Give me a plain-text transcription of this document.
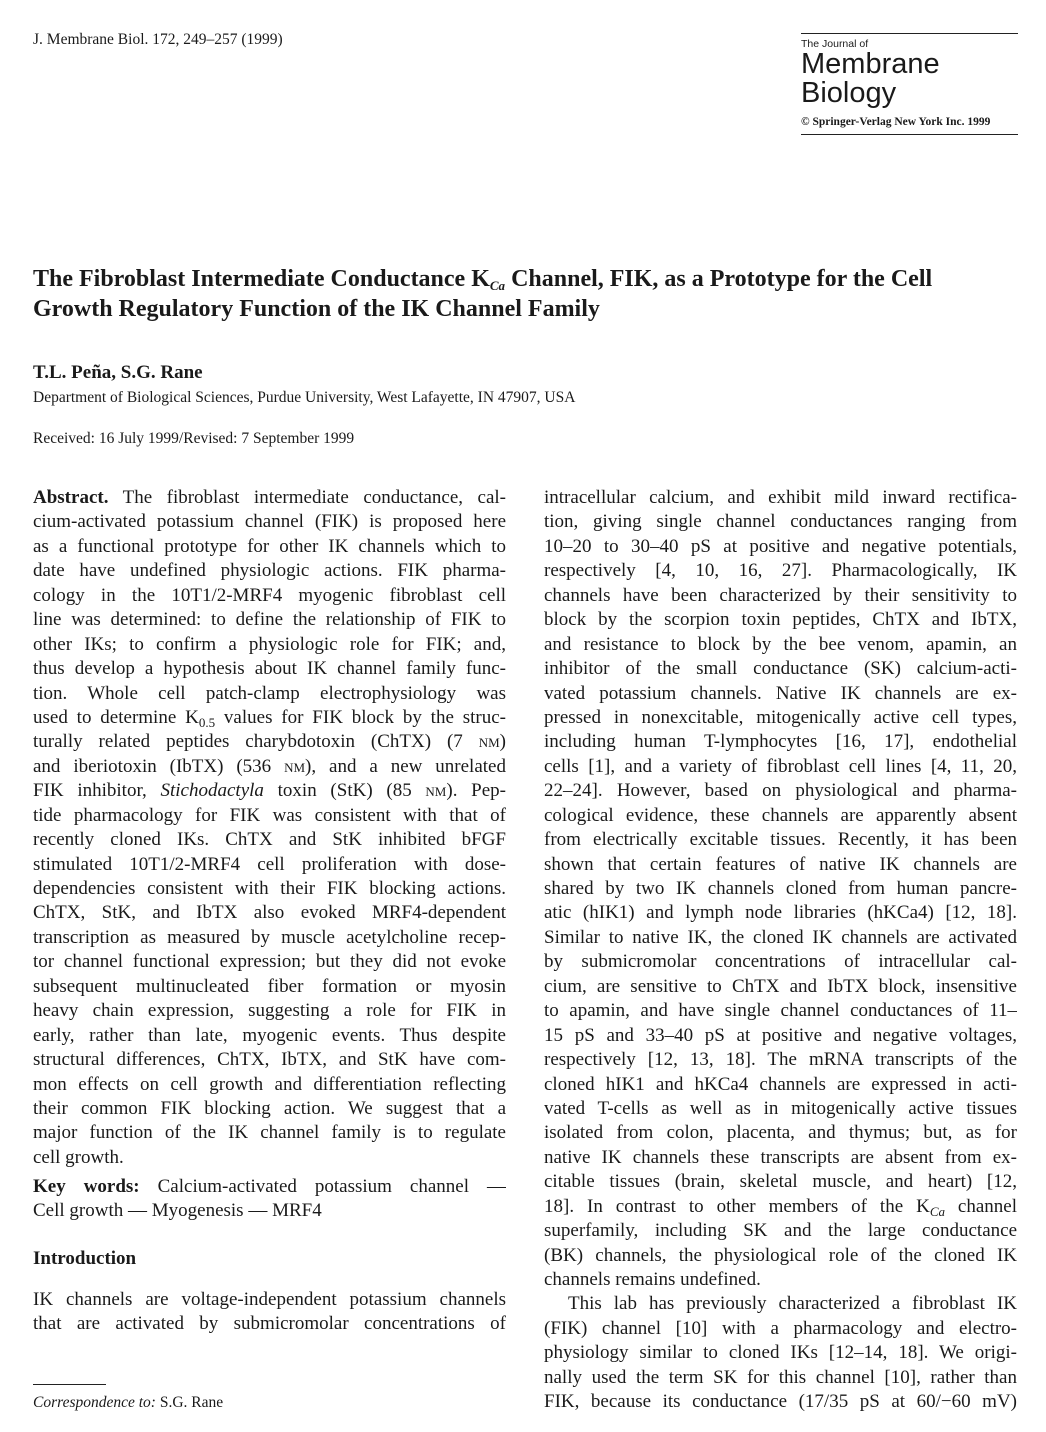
J. Membrane Biol. 172, 249–257 (1999)	The Journal of
Membrane
Biology
© Springer-Verlag New York Inc. 1999
The Fibroblast Intermediate Conductance KCa Channel, FIK, as a Prototype for the Cell
Growth Regulatory Function of the IK Channel Family
T.L. Peña, S.G. Rane
Department of Biological Sciences, Purdue University, West Lafayette, IN 47907, USA
Received: 16 July 1999/Revised: 7 September 1999
Abstract. The fibroblast intermediate conductance, cal-
cium-activated potassium channel (FIK) is proposed here
as a functional prototype for other IK channels which to
date have undefined physiologic actions. FIK pharma-
cology in the 10T1/2-MRF4 myogenic fibroblast cell
line was determined: to define the relationship of FIK to
other IKs; to confirm a physiologic role for FIK; and,
thus develop a hypothesis about IK channel family func-
tion. Whole cell patch-clamp electrophysiology was
used to determine $K_{0.5}$ values for FIK block by the struc-
turally related peptides charybdotoxin (ChTX) (7 nm)
and iberiotoxin (IbTX) (536 nm), and a new unrelated
FIK inhibitor, Stichodactyla toxin (StK) (85 nm). Pep-
tide pharmacology for FIK was consistent with that of
recently cloned IKs. ChTX and StK inhibited bFGF
stimulated 10T1/2-MRF4 cell proliferation with dose-
dependencies consistent with their FIK blocking actions.
ChTX, StK, and IbTX also evoked MRF4-dependent
transcription as measured by muscle acetylcholine recep-
tor channel functional expression; but they did not evoke
subsequent multinucleated fiber formation or myosin
heavy chain expression, suggesting a role for FIK in
early, rather than late, myogenic events. Thus despite
structural differences, ChTX, IbTX, and StK have com-
mon effects on cell growth and differentiation reflecting
their common FIK blocking action. We suggest that a
major function of the IK channel family is to regulate
cell growth.
Key words: Calcium-activated potassium channel —
Cell growth — Myogenesis — MRF4
Introduction
IK channels are voltage-independent potassium channels
that are activated by submicromolar concentrations of
Correspondence to: S.G. Rane
intracellular calcium, and exhibit mild inward rectifica-
tion, giving single channel conductances ranging from
10–20 to 30–40 pS at positive and negative potentials,
respectively [4, 10, 16, 27]. Pharmacologically, IK
channels have been characterized by their sensitivity to
block by the scorpion toxin peptides, ChTX and IbTX,
and resistance to block by the bee venom, apamin, an
inhibitor of the small conductance (SK) calcium-acti-
vated potassium channels. Native IK channels are ex-
pressed in nonexcitable, mitogenically active cell types,
including human T-lymphocytes [16, 17], endothelial
cells [1], and a variety of fibroblast cell lines [4, 11, 20,
22–24]. However, based on physiological and pharma-
cological evidence, these channels are apparently absent
from electrically excitable tissues. Recently, it has been
shown that certain features of native IK channels are
shared by two IK channels cloned from human pancre-
atic (hIK1) and lymph node libraries (hKCa4) [12, 18].
Similar to native IK, the cloned IK channels are activated
by submicromolar concentrations of intracellular cal-
cium, are sensitive to ChTX and IbTX block, insensitive
to apamin, and have single channel conductances of 11–
15 pS and 33–40 pS at positive and negative voltages,
respectively [12, 13, 18]. The mRNA transcripts of the
cloned hIK1 and hKCa4 channels are expressed in acti-
vated T-cells as well as in mitogenically active tissues
isolated from colon, placenta, and thymus; but, as for
native IK channels these transcripts are absent from ex-
citable tissues (brain, skeletal muscle, and heart) [12,
18]. In contrast to other members of the $K_{Ca}$ channel
superfamily, including SK and the large conductance
(BK) channels, the physiological role of the cloned IK
channels remains undefined.
This lab has previously characterized a fibroblast IK
(FIK) channel [10] with a pharmacology and electro-
physiology similar to cloned IKs [12–14, 18]. We origi-
nally used the term SK for this channel [10], rather than
FIK, because its conductance (17/35 pS at 60/−60 mV)
